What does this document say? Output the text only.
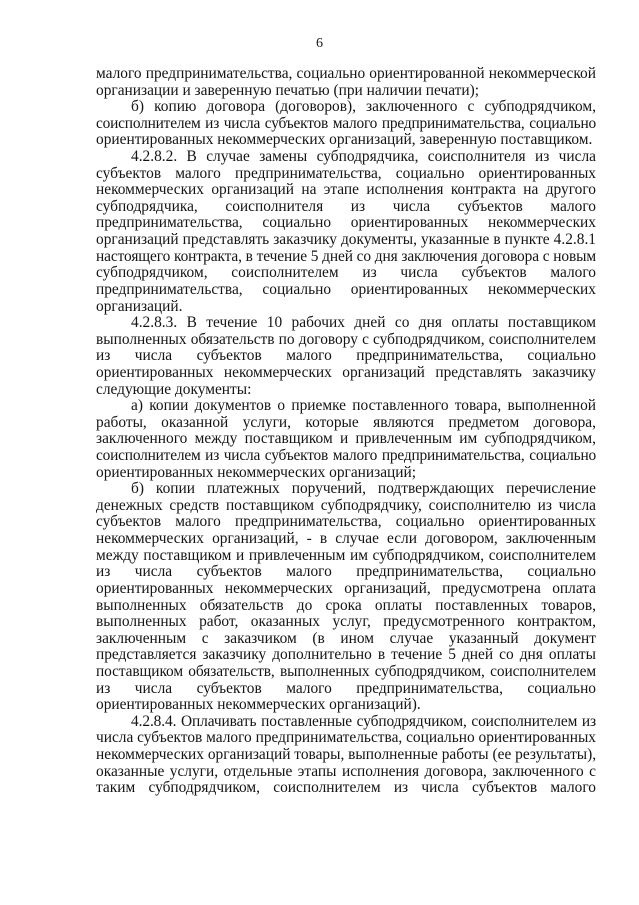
6
малого предпринимательства, социально ориентированной некоммерческой
организации и заверенную печатью (при наличии печати);
б) копию договора (договоров), заключенного с субподрядчиком,
соисполнителем из числа субъектов малого предпринимательства, социально
ориентированных некоммерческих организаций, заверенную поставщиком.
4.2.8.2. В случае замены субподрядчика, соисполнителя из числа
субъектов малого предпринимательства, социально ориентированных
некоммерческих организаций на этапе исполнения контракта на другого
субподрядчика, соисполнителя из числа субъектов малого
предпринимательства, социально ориентированных некоммерческих
организаций представлять заказчику документы, указанные в пункте 4.2.8.1
настоящего контракта, в течение 5 дней со дня заключения договора с новым
субподрядчиком, соисполнителем из числа субъектов малого
предпринимательства, социально ориентированных некоммерческих
организаций.
4.2.8.3. В течение 10 рабочих дней со дня оплаты поставщиком
выполненных обязательств по договору с субподрядчиком, соисполнителем
из числа субъектов малого предпринимательства, социально
ориентированных некоммерческих организаций представлять заказчику
следующие документы:
а) копии документов о приемке поставленного товара, выполненной
работы, оказанной услуги, которые являются предметом договора,
заключенного между поставщиком и привлеченным им субподрядчиком,
соисполнителем из числа субъектов малого предпринимательства, социально
ориентированных некоммерческих организаций;
б) копии платежных поручений, подтверждающих перечисление
денежных средств поставщиком субподрядчику, соисполнителю из числа
субъектов малого предпринимательства, социально ориентированных
некоммерческих организаций, - в случае если договором, заключенным
между поставщиком и привлеченным им субподрядчиком, соисполнителем
из числа субъектов малого предпринимательства, социально
ориентированных некоммерческих организаций, предусмотрена оплата
выполненных обязательств до срока оплаты поставленных товаров,
выполненных работ, оказанных услуг, предусмотренного контрактом,
заключенным с заказчиком (в ином случае указанный документ
представляется заказчику дополнительно в течение 5 дней со дня оплаты
поставщиком обязательств, выполненных субподрядчиком, соисполнителем
из числа субъектов малого предпринимательства, социально
ориентированных некоммерческих организаций).
4.2.8.4. Оплачивать поставленные субподрядчиком, соисполнителем из
числа субъектов малого предпринимательства, социально ориентированных
некоммерческих организаций товары, выполненные работы (ее результаты),
оказанные услуги, отдельные этапы исполнения договора, заключенного с
таким субподрядчиком, соисполнителем из числа субъектов малого
